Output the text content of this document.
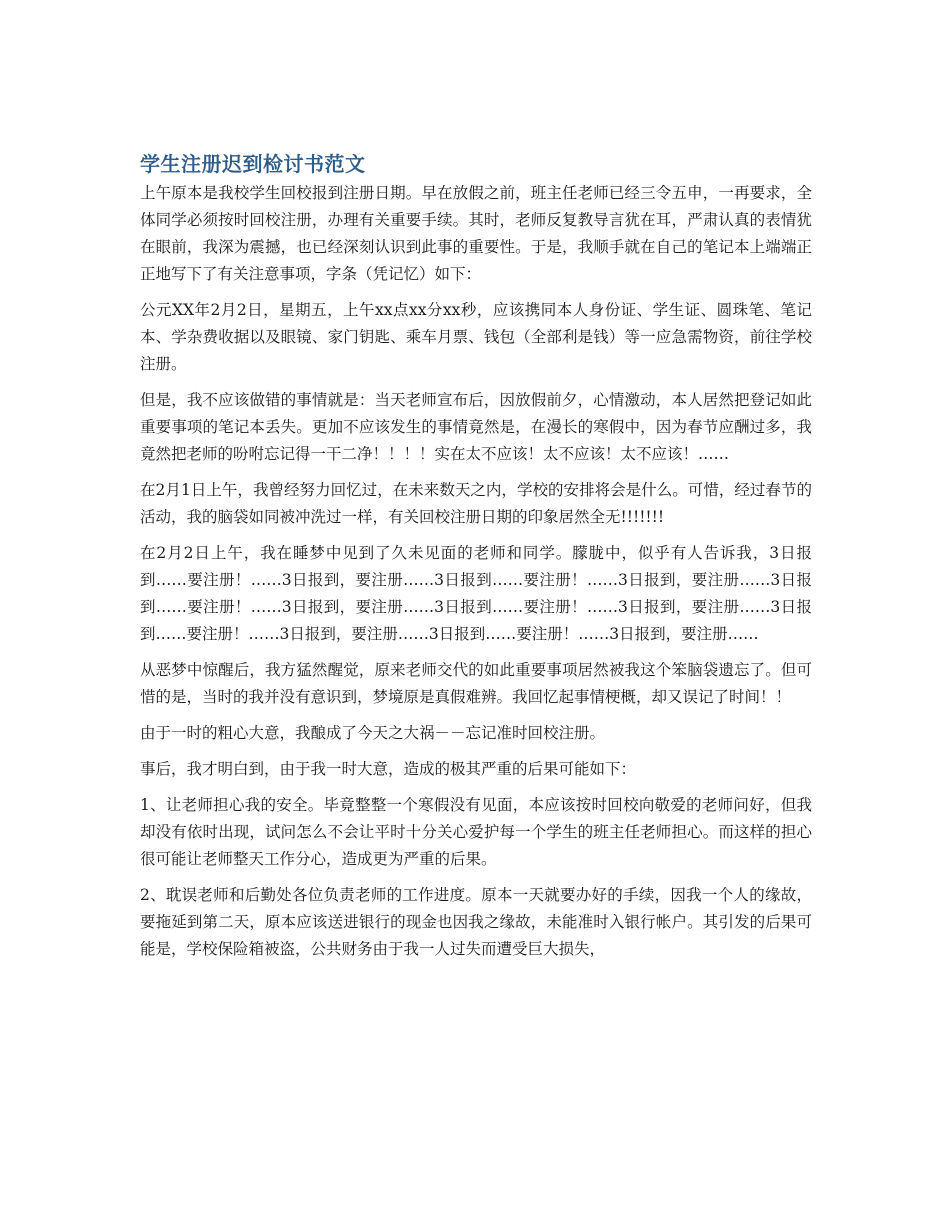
学生注册迟到检讨书范文

上午原本是我校学生回校报到注册日期。早在放假之前，班主任老师已经三令五申，一再要求，全体同学必须按时回校注册，办理有关重要手续。其时，老师反复教导言犹在耳，严肃认真的表情犹在眼前，我深为震撼，也已经深刻认识到此事的重要性。于是，我顺手就在自己的笔记本上端端正正地写下了有关注意事项，字条（凭记忆）如下：

公元XX年2月2日，星期五，上午xx点xx分xx秒，应该携同本人身份证、学生证、圆珠笔、笔记本、学杂费收据以及眼镜、家门钥匙、乘车月票、钱包（全部利是钱）等一应急需物资，前往学校注册。

但是，我不应该做错的事情就是：当天老师宣布后，因放假前夕，心情激动，本人居然把登记如此重要事项的笔记本丢失。更加不应该发生的事情竟然是，在漫长的寒假中，因为春节应酬过多，我竟然把老师的吩咐忘记得一干二净！！！！实在太不应该！太不应该！太不应该！……

在2月1日上午，我曾经努力回忆过，在未来数天之内，学校的安排将会是什么。可惜，经过春节的活动，我的脑袋如同被冲洗过一样，有关回校注册日期的印象居然全无!!!!!!!

在2月2日上午，我在睡梦中见到了久未见面的老师和同学。朦胧中，似乎有人告诉我，3日报到……要注册！……3日报到，要注册……3日报到……要注册！……3日报到，要注册……3日报到……要注册！……3日报到，要注册……3日报到……要注册！……3日报到，要注册……3日报到……要注册！……3日报到，要注册……3日报到……要注册！……3日报到，要注册……

从恶梦中惊醒后，我方猛然醒觉，原来老师交代的如此重要事项居然被我这个笨脑袋遗忘了。但可惜的是，当时的我并没有意识到，梦境原是真假难辨。我回忆起事情梗概，却又误记了时间！！

由于一时的粗心大意，我酿成了今天之大祸－－忘记准时回校注册。

事后，我才明白到，由于我一时大意，造成的极其严重的后果可能如下：

1、让老师担心我的安全。毕竟整整一个寒假没有见面，本应该按时回校向敬爱的老师问好，但我却没有依时出现，试问怎么不会让平时十分关心爱护每一个学生的班主任老师担心。而这样的担心很可能让老师整天工作分心，造成更为严重的后果。

2、耽误老师和后勤处各位负责老师的工作进度。原本一天就要办好的手续，因我一个人的缘故，要拖延到第二天，原本应该送进银行的现金也因我之缘故，未能准时入银行帐户。其引发的后果可能是，学校保险箱被盗，公共财务由于我一人过失而遭受巨大损失，
